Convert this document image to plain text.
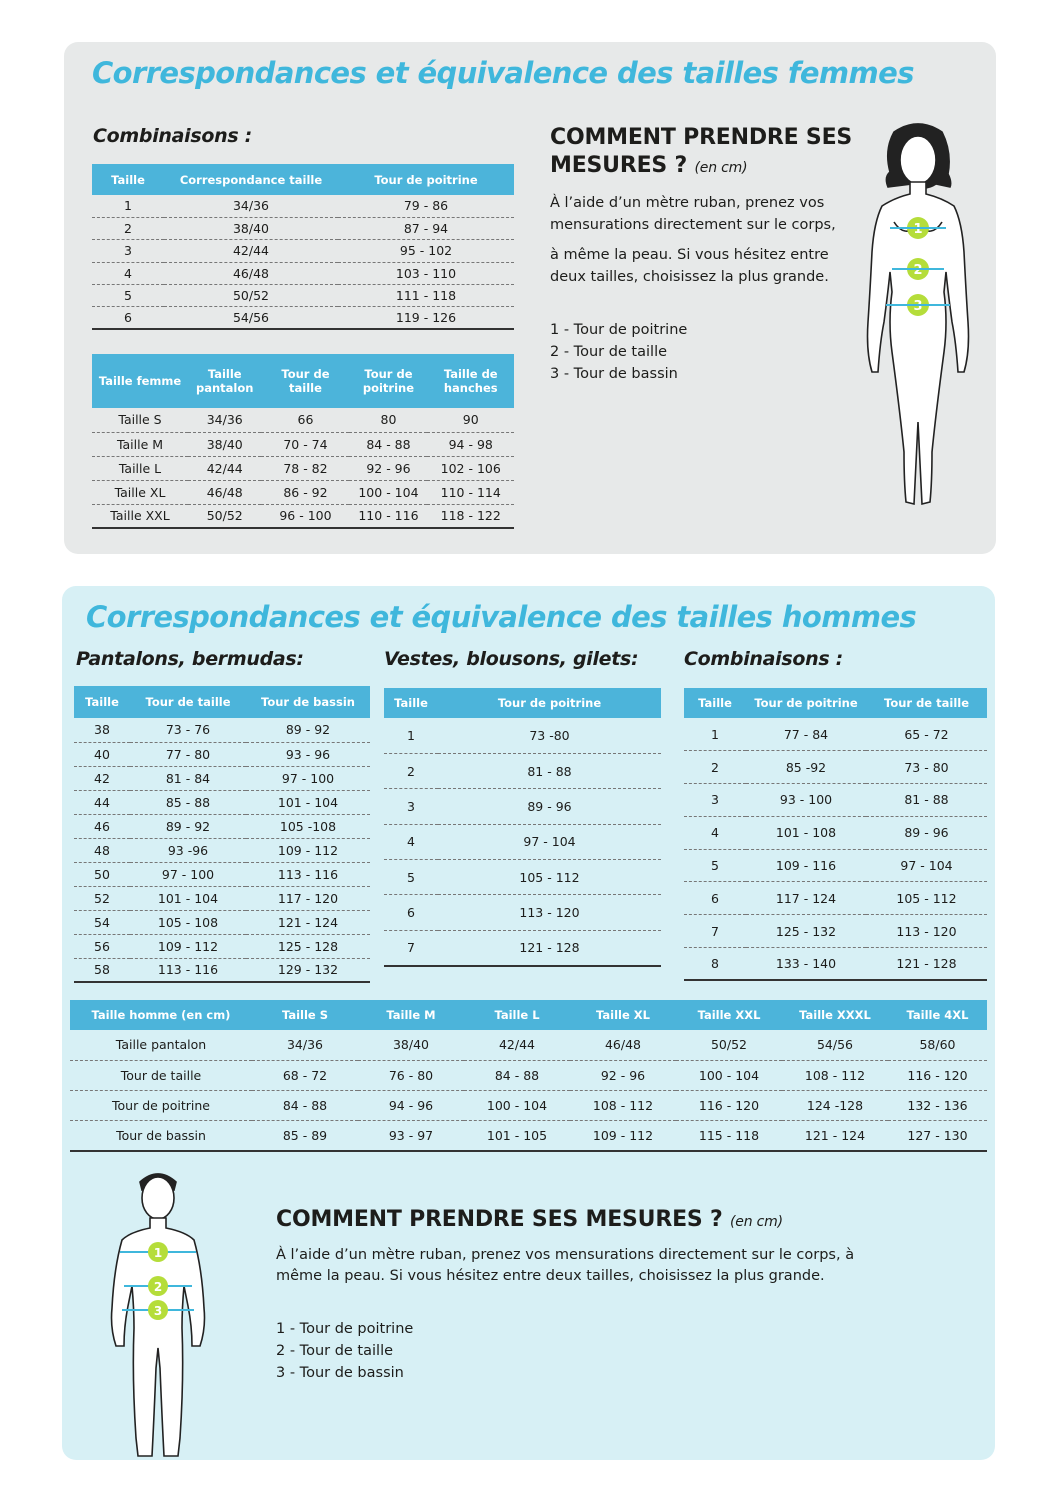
Correspondances et équivalence des tailles femmes
Combinaisons :
Taille	Correspondance taille	Tour de poitrine
1	34/36	79 - 86
2	38/40	87 - 94
3	42/44	95 - 102
4	46/48	103 - 110
5	50/52	111 - 118
6	54/56	119 - 126
Taille femme	Taille pantalon	Tour de taille	Tour de poitrine	Taille de hanches
Taille S	34/36	66	80	90
Taille M	38/40	70 - 74	84 - 88	94 - 98
Taille L	42/44	78 - 82	92 - 96	102 - 106
Taille XL	46/48	86 - 92	100 - 104	110 - 114
Taille XXL	50/52	96 - 100	110 - 116	118 - 122
COMMENT PRENDRE SES
MESURES ? (en cm)
À l’aide d’un mètre ruban, prenez vos mensurations directement sur le corps,
à même la peau. Si vous hésitez entre deux tailles, choisissez la plus grande.
1 - Tour de poitrine
2 - Tour de taille
3 - Tour de bassin
1
2
3
Correspondances et équivalence des tailles hommes
Pantalons, bermudas:	Vestes, blousons, gilets: Combinaisons :
Taille	Tour de taille	Tour de bassin
38	73 - 76	89 - 92
40	77 - 80	93 - 96
42	81 - 84	97 - 100
44	85 - 88	101 - 104
46	89 - 92	105 -108
48	93 -96	109 - 112
50	97 - 100	113 - 116
52	101 - 104	117 - 120
54	105 - 108	121 - 124
56	109 - 112	125 - 128
58	113 - 116	129 - 132
Taille	Tour de poitrine
1	73 -80
2	81 - 88
3	89 - 96
4	97 - 104
5	105 - 112
6	113 - 120
7	121 - 128
Taille	Tour de poitrine	Tour de taille
1	77 - 84	65 - 72
2	85 -92	73 - 80
3	93 - 100	81 - 88
4	101 - 108	89 - 96
5	109 - 116	97 - 104
6	117 - 124	105 - 112
7	125 - 132	113 - 120
8	133 - 140	121 - 128
Taille homme (en cm)	Taille S	Taille M	Taille L	Taille XL	Taille XXL	Taille XXXL	Taille 4XL
Taille pantalon	34/36	38/40	42/44	46/48	50/52	54/56	58/60
Tour de taille	68 - 72	76 - 80	84 - 88	92 - 96	100 - 104	108 - 112	116 - 120
Tour de poitrine	84 - 88	94 - 96	100 - 104	108 - 112	116 - 120	124 -128	132 - 136
Tour de bassin	85 - 89	93 - 97	101 - 105	109 - 112	115 - 118	121 - 124	127 - 130
1
2
3
COMMENT PRENDRE SES MESURES ? (en cm)
À l’aide d’un mètre ruban, prenez vos mensurations directement sur le corps, à même la peau. Si vous hésitez entre deux tailles, choisissez la plus grande.
1 - Tour de poitrine
2 - Tour de taille
3 - Tour de bassin
